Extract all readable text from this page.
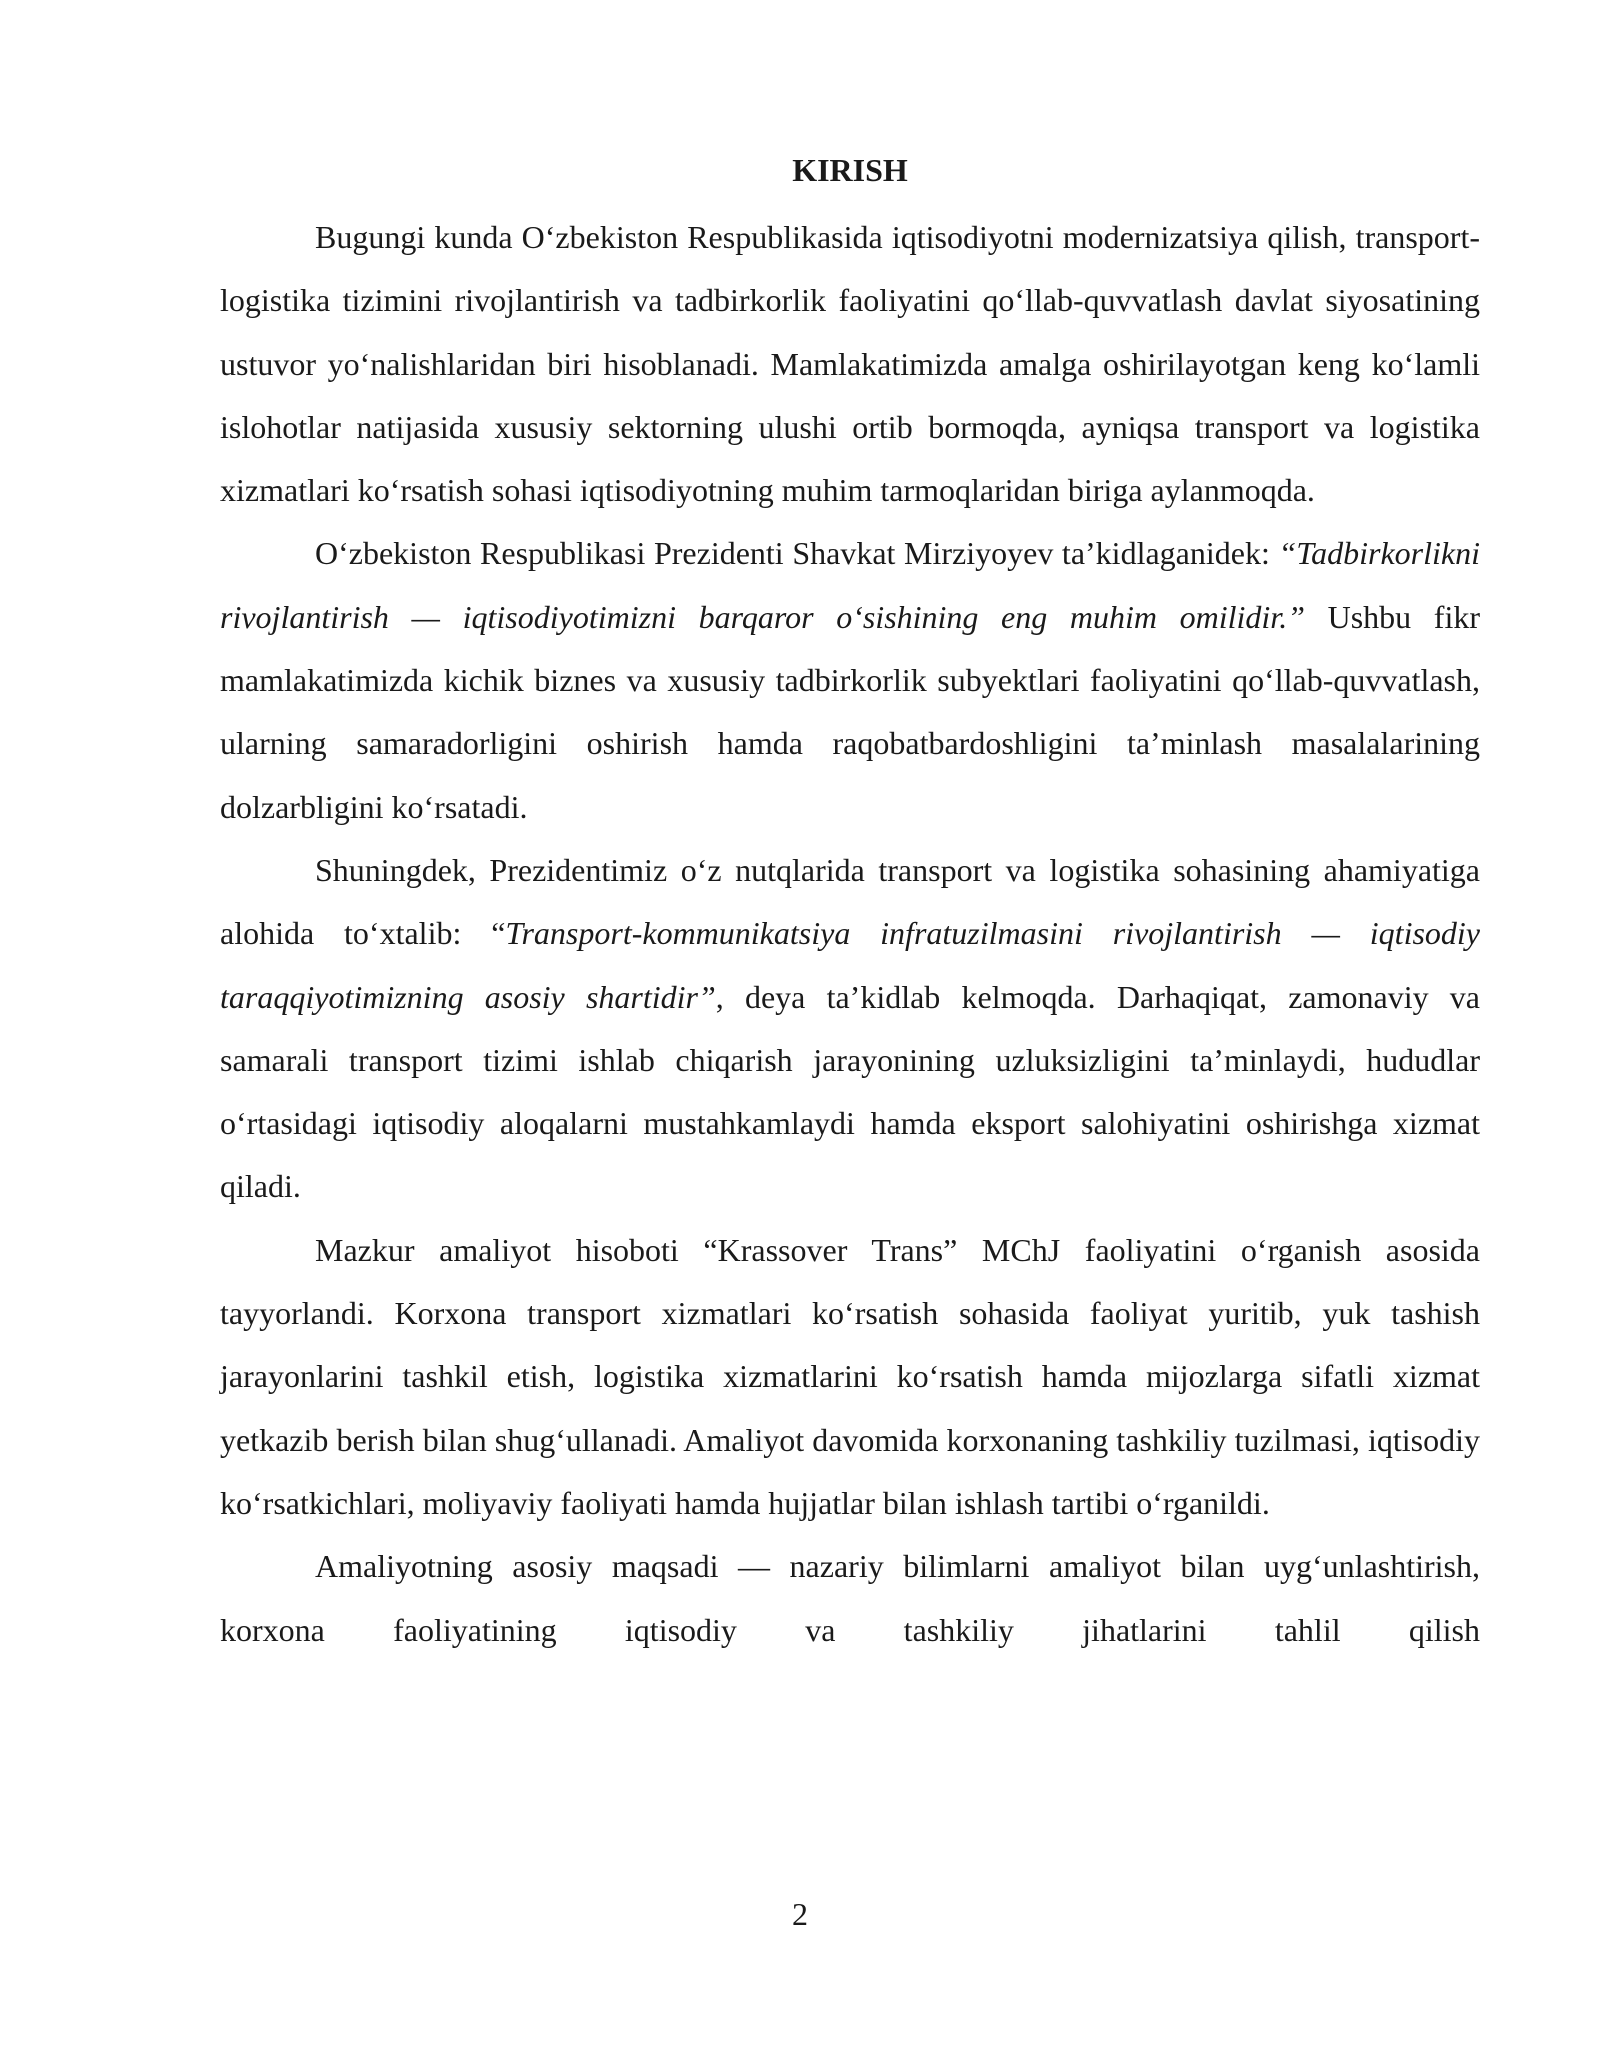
KIRISH

Bugungi kunda O‘zbekiston Respublikasida iqtisodiyotni modernizatsiya qilish, transport-logistika tizimini rivojlantirish va tadbirkorlik faoliyatini qo‘llab-quvvatlash davlat siyosatining ustuvor yo‘nalishlaridan biri hisoblanadi. Mamlakatimizda amalga oshirilayotgan keng ko‘lamli islohotlar natijasida xususiy sektorning ulushi ortib bormoqda, ayniqsa transport va logistika xizmatlari ko‘rsatish sohasi iqtisodiyotning muhim tarmoqlaridan biriga aylanmoqda.

O‘zbekiston Respublikasi Prezidenti Shavkat Mirziyoyev ta’kidlaganidek: “Tadbirkorlikni rivojlantirish — iqtisodiyotimizni barqaror o‘sishining eng muhim omilidir.” Ushbu fikr mamlakatimizda kichik biznes va xususiy tadbirkorlik subyektlari faoliyatini qo‘llab-quvvatlash, ularning samaradorligini oshirish hamda raqobatbardoshligini ta’minlash masalalarining dolzarbligini ko‘rsatadi.

Shuningdek, Prezidentimiz o‘z nutqlarida transport va logistika sohasining ahamiyatiga alohida to‘xtalib: “Transport-kommunikatsiya infratuzilmasini rivojlantirish — iqtisodiy taraqqiyotimizning asosiy shartidir”, deya ta’kidlab kelmoqda. Darhaqiqat, zamonaviy va samarali transport tizimi ishlab chiqarish jarayonining uzluksizligini ta’minlaydi, hududlar o‘rtasidagi iqtisodiy aloqalarni mustahkamlaydi hamda eksport salohiyatini oshirishga xizmat qiladi.

Mazkur amaliyot hisoboti “Krassover Trans” MChJ faoliyatini o‘rganish asosida tayyorlandi. Korxona transport xizmatlari ko‘rsatish sohasida faoliyat yuritib, yuk tashish jarayonlarini tashkil etish, logistika xizmatlarini ko‘rsatish hamda mijozlarga sifatli xizmat yetkazib berish bilan shug‘ullanadi. Amaliyot davomida korxonaning tashkiliy tuzilmasi, iqtisodiy ko‘rsatkichlari, moliyaviy faoliyati hamda hujjatlar bilan ishlash tartibi o‘rganildi.

Amaliyotning asosiy maqsadi — nazariy bilimlarni amaliyot bilan uyg‘unlashtirish, korxona faoliyatining iqtisodiy va tashkiliy jihatlarini tahlil qilish

2
